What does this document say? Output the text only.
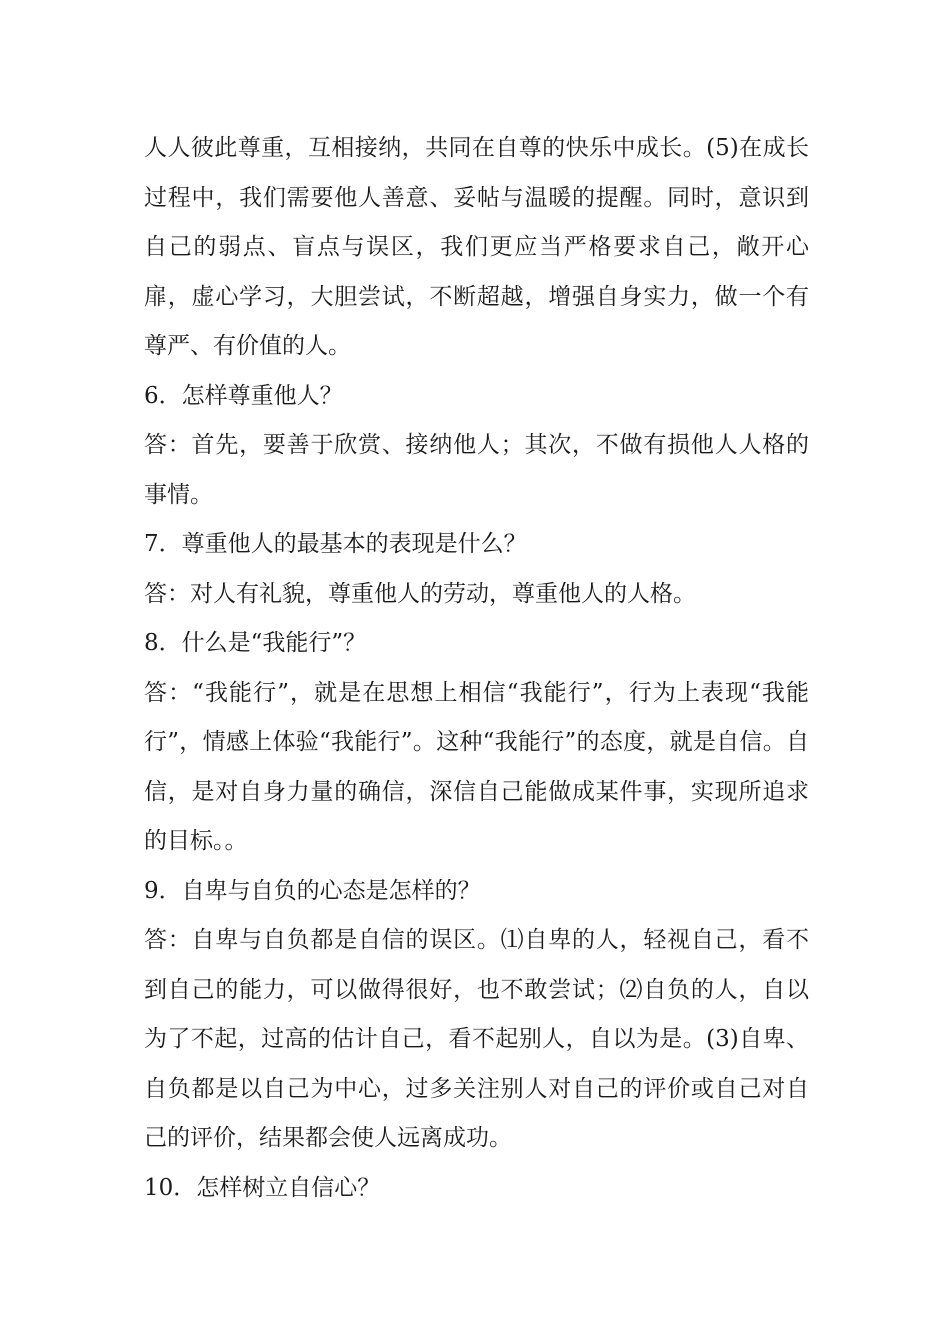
人人彼此尊重，互相接纳，共同在自尊的快乐中成长。(5)在成长过程中，我们需要他人善意、妥帖与温暖的提醒。同时，意识到自己的弱点、盲点与误区，我们更应当严格要求自己，敞开心扉，虚心学习，大胆尝试，不断超越，增强自身实力，做一个有尊严、有价值的人。

6．怎样尊重他人？

答：首先，要善于欣赏、接纳他人；其次，不做有损他人人格的事情。

7．尊重他人的最基本的表现是什么？

答：对人有礼貌，尊重他人的劳动，尊重他人的人格。

8．什么是“我能行”？

答：“我能行”，就是在思想上相信“我能行”，行为上表现“我能行”，情感上体验“我能行”。这种“我能行”的态度，就是自信。自信，是对自身力量的确信，深信自己能做成某件事，实现所追求的目标。。

9．自卑与自负的心态是怎样的？

答：自卑与自负都是自信的误区。⑴自卑的人，轻视自己，看不到自己的能力，可以做得很好，也不敢尝试；⑵自负的人，自以为了不起，过高的估计自己，看不起别人，自以为是。(3)自卑、自负都是以自己为中心，过多关注别人对自己的评价或自己对自己的评价，结果都会使人远离成功。

10．怎样树立自信心？
